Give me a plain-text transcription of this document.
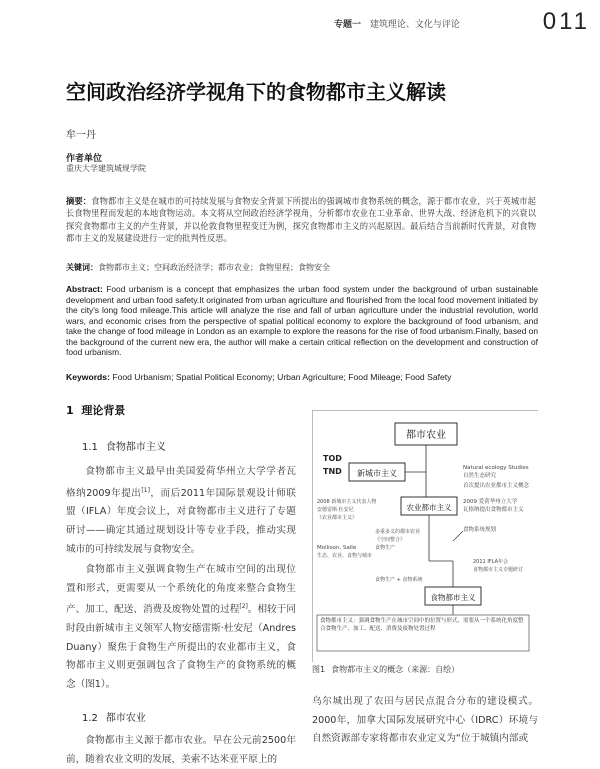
专题一 建筑理论、文化与评论	011
空间政治经济学视角下的食物都市主义解读
牟一丹
作者单位
重庆大学建筑城规学院
摘要：食物都市主义是在城市的可持续发展与食物安全背景下所提出的强调城市食物系统的概念，源于都市农业，兴于英城市起长食物里程而发起的本地食物运动。本文将从空间政治经济学视角，分析都市农业在工业革命、世界大战、经济危机下的兴衰以探究食物都市主义的产生背景，并以伦敦食物里程变迁为例，探究食物都市主义的兴起原因。最后结合当前新时代背景，对食物都市主义的发展建设进行一定的批判性反思。
关键词：食物都市主义；空间政治经济学；都市农业；食物里程；食物安全
Abstract: Food urbanism is a concept that emphasizes the urban food system under the background of urban sustainable development and urban food safety.It originated from urban agriculture and flourished from the local food movement initiated by the city's long food mileage.This article will analyze the rise and fall of urban agriculture under the industrial revolution, world wars, and economic crises from the perspective of spatial political economy to explore the background of food urbanism, and take the change of food mileage in London as an example to explore the reasons for the rise of food urbanism.Finally, based on the background of the current new era, the author will make a certain critical reflection on the development and construction of food urbanism.
Keywords: Food Urbanism; Spatial Political Economy; Urban Agriculture; Food Mileage; Food Safety
1 理论背景
1.1 食物都市主义

食物都市主义最早由美国爱荷华州立大学学者瓦格纳2009年提出[1]，而后2011年国际景观设计师联盟（IFLA）年度会议上，对食物都市主义进行了专题研讨——确定其通过规划设计等专业手段，推动实现城市的可持续发展与食物安全。

食物都市主义强调食物生产在城市空间的出现位置和形式，更需要从一个系统化的角度来整合食物生产、加工、配送、消费及废物处置的过程[2]。相较于同时段由新城市主义领军人物安德雷斯·杜安尼（Andres Duany）聚焦于食物生产所提出的农业都市主义，食物都市主义则更强调包含了食物生产的食物系统的概念（图1）。

1.2 都市农业

食物都市主义源于都市农业。早在公元前2500年前，随着农业文明的发展，美索不达米亚平原上的

乌尔城出现了农田与居民点混合分布的建设模式。2000年，加拿大国际发展研究中心（IDRC）环境与自然资源部专家将都市农业定义为“位于城镇内部或

都市农业
TOD
TND 新城市主义
Natural ecology Studies
自然生态研究
首次提出农业都市主义概念
2009 爱荷华州立大学
瓦格纳提出食物都市主义
农业都市主义
2008 新城市主义代表人物
安德雷斯·杜安尼
《农业都市主义》
Mollison, Salle
生态、农业、食物与城市
多重多义的都市农业
《空间整合》
食物生产
食物生产 + 食物系统
食物系统规划
2011 IFLA年会
食物都市主义专题研讨
食物都市主义
食物都市主义：强调食物生产在城市空间中的位置与形式，需要从一个系统化角度整合食物生产、加工、配送、消费及废物处置过程
图1 食物都市主义的概念（来源：自绘）
